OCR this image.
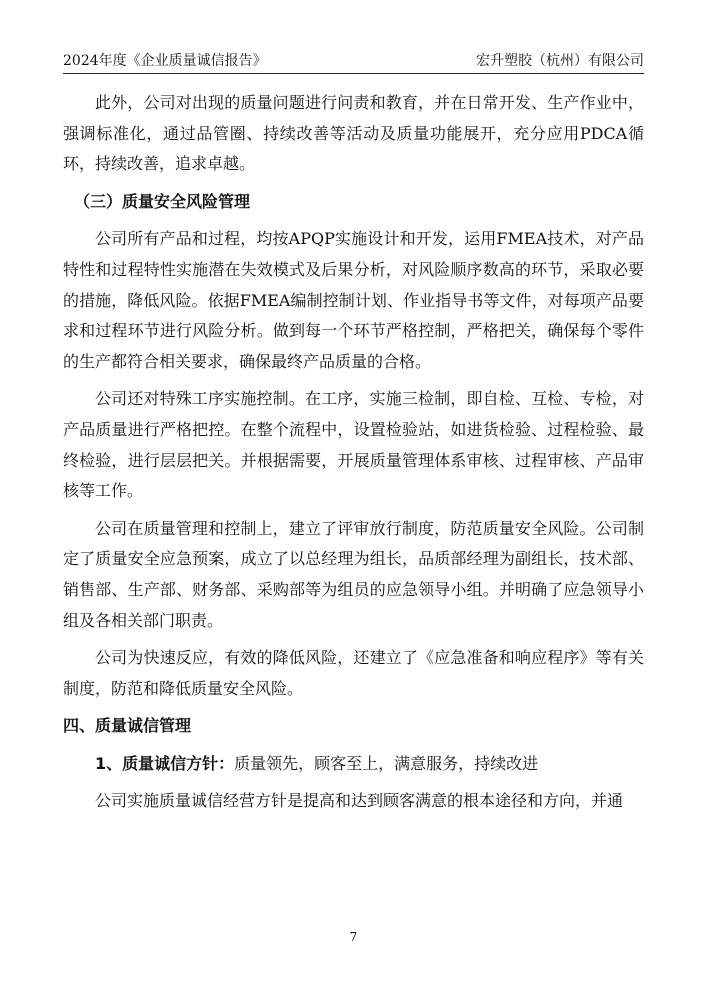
2024年度《企业质量诚信报告》	宏升塑胶（杭州）有限公司

此外，公司对出现的质量问题进行问责和教育，并在日常开发、生产作业中，强调标准化，通过品管圈、持续改善等活动及质量功能展开，充分应用PDCA循环，持续改善，追求卓越。

（三）质量安全风险管理

公司所有产品和过程，均按APQP实施设计和开发，运用FMEA技术，对产品特性和过程特性实施潜在失效模式及后果分析，对风险顺序数高的环节，采取必要的措施，降低风险。依据FMEA编制控制计划、作业指导书等文件，对每项产品要求和过程环节进行风险分析。做到每一个环节严格控制，严格把关，确保每个零件的生产都符合相关要求，确保最终产品质量的合格。

公司还对特殊工序实施控制。在工序，实施三检制，即自检、互检、专检，对产品质量进行严格把控。在整个流程中，设置检验站，如进货检验、过程检验、最终检验，进行层层把关。并根据需要，开展质量管理体系审核、过程审核、产品审核等工作。

公司在质量管理和控制上，建立了评审放行制度，防范质量安全风险。公司制定了质量安全应急预案，成立了以总经理为组长，品质部经理为副组长，技术部、销售部、生产部、财务部、采购部等为组员的应急领导小组。并明确了应急领导小组及各相关部门职责。

公司为快速反应，有效的降低风险，还建立了《应急准备和响应程序》等有关制度，防范和降低质量安全风险。

四、质量诚信管理

1、质量诚信方针：质量领先，顾客至上，满意服务，持续改进

公司实施质量诚信经营方针是提高和达到顾客满意的根本途径和方向，并通

7
